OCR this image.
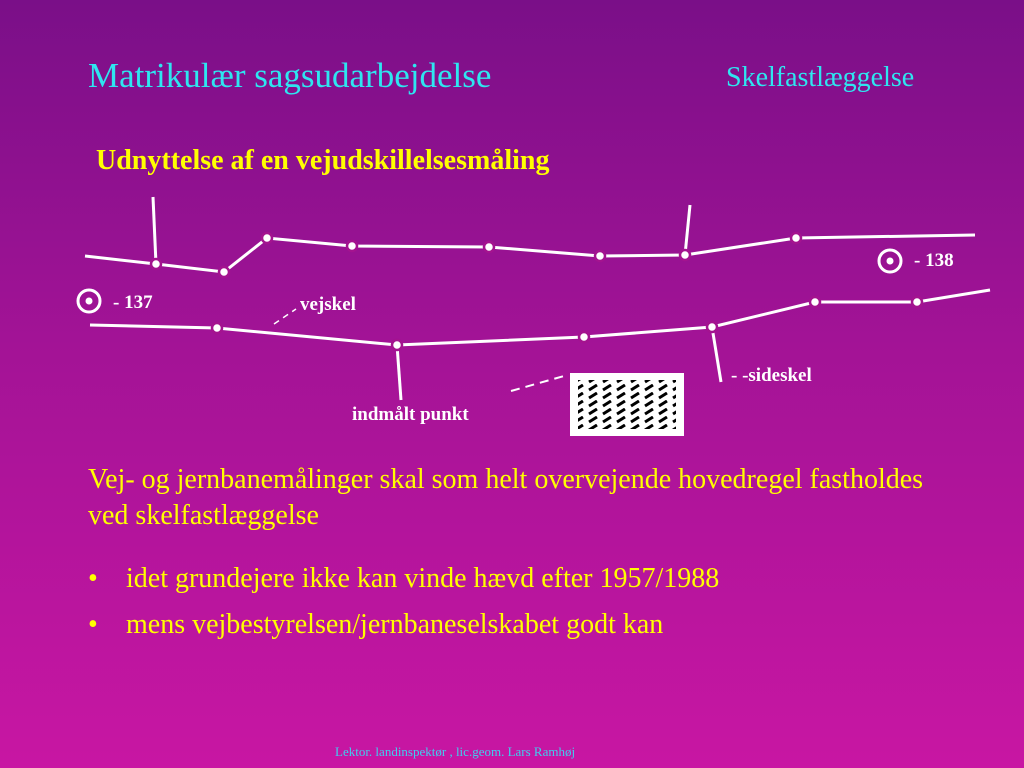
Matrikulær sagsudarbejdelse	Skelfastlæggelse
Udnyttelse af en vejudskillelsesmåling
- 137
- 138
vejskel
- -sideskel
indmålt punkt
Vej- og jernbanemålinger skal som helt overvejende hovedregel fastholdes ved skelfastlæggelse
• idet grundejere ikke kan vinde hævd efter 1957/1988
• mens vejbestyrelsen/jernbaneselskabet godt kan
Lektor. landinspektør , lic.geom. Lars Ramhøj
